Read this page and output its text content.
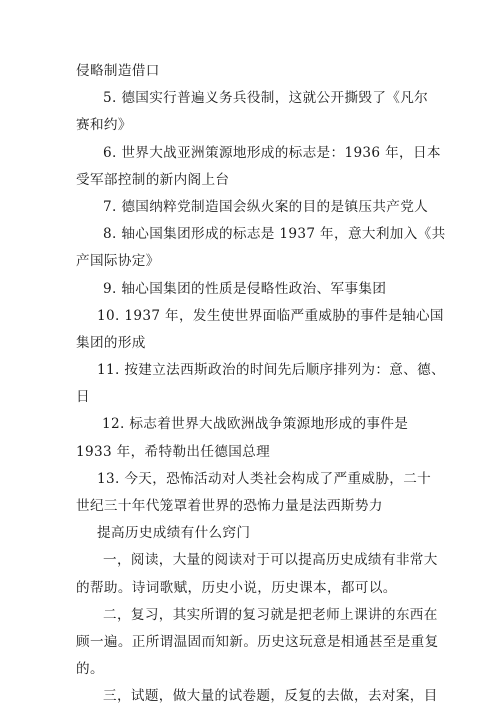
侵略制造借口
5. 德国实行普遍义务兵役制，这就公开撕毁了《凡尔
赛和约》
6. 世界大战亚洲策源地形成的标志是：1936 年，日本
受军部控制的新内阁上台
7. 德国纳粹党制造国会纵火案的目的是镇压共产党人
8. 轴心国集团形成的标志是 1937 年，意大利加入《共
产国际协定》
9. 轴心国集团的性质是侵略性政治、军事集团
10. 1937 年，发生使世界面临严重威胁的事件是轴心国
集团的形成
11. 按建立法西斯政治的时间先后顺序排列为：意、德、
日
12. 标志着世界大战欧洲战争策源地形成的事件是
1933 年，希特勒出任德国总理
13. 今天，恐怖活动对人类社会构成了严重威胁，二十
世纪三十年代笼罩着世界的恐怖力量是法西斯势力
提高历史成绩有什么窍门
一，阅读，大量的阅读对于可以提高历史成绩有非常大
的帮助。诗词歌赋，历史小说，历史课本，都可以。
二，复习，其实所谓的复习就是把老师上课讲的东西在
顾一遍。正所谓温固而知新。历史这玩意是相通甚至是重复
的。
三，试题，做大量的试卷题，反复的去做，去对案，目
